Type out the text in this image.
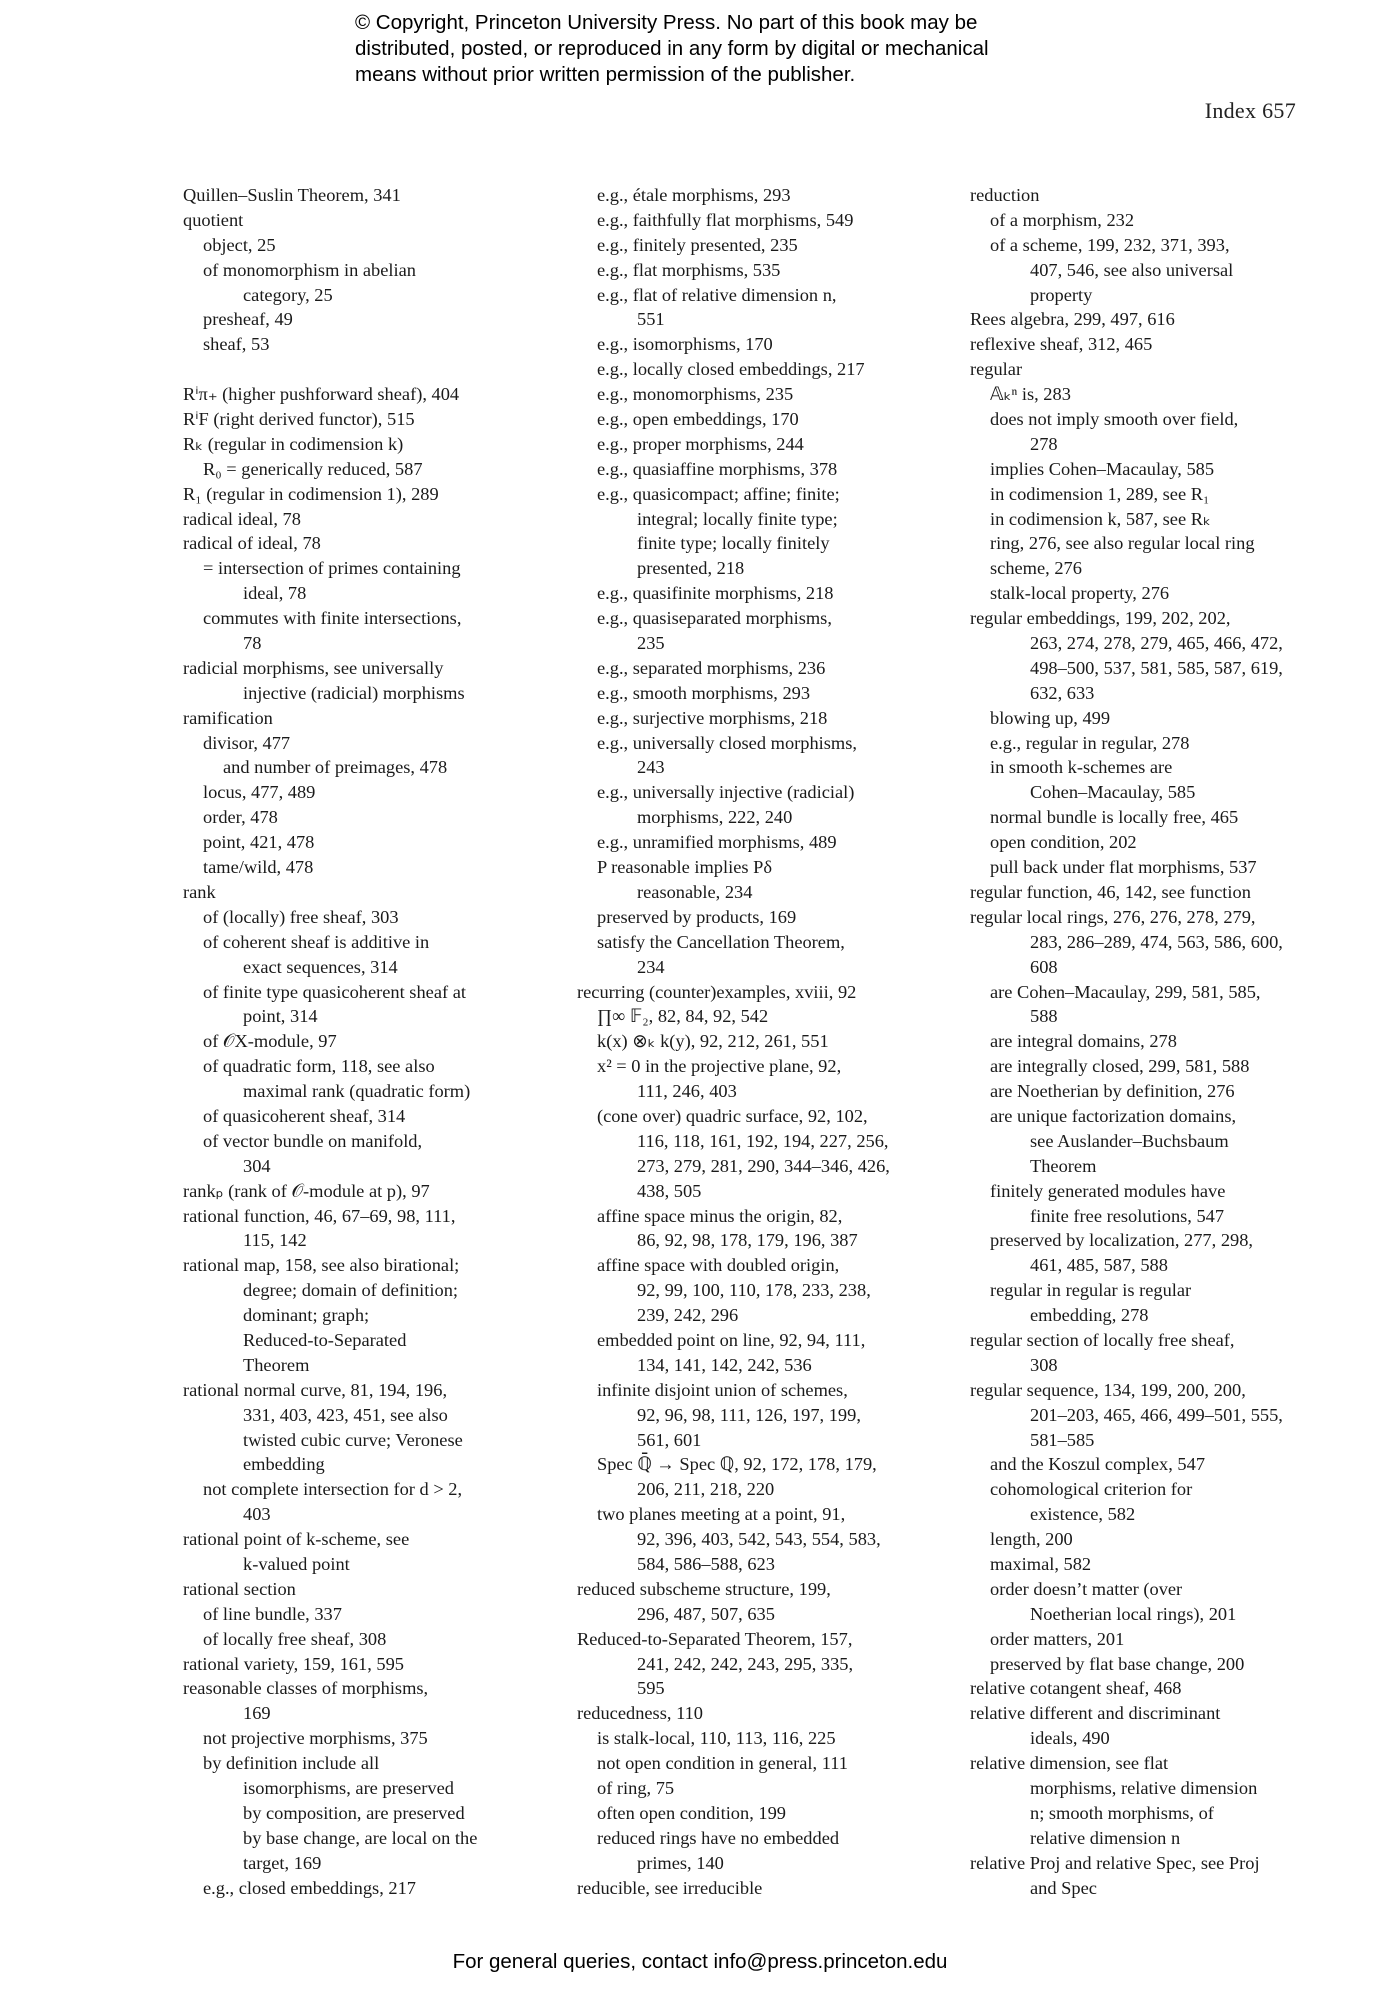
© Copyright, Princeton University Press. No part of this book may be
distributed, posted, or reproduced in any form by digital or mechanical
means without prior written permission of the publisher.
Index 657
Quillen–Suslin Theorem, 341
quotient
object, 25
of monomorphism in abelian
category, 25
presheaf, 49
sheaf, 53
Rⁱπ₊ (higher pushforward sheaf), 404
RⁱF (right derived functor), 515
Rₖ (regular in codimension k)
R₀ = generically reduced, 587
R₁ (regular in codimension 1), 289
radical ideal, 78
radical of ideal, 78
= intersection of primes containing
ideal, 78
commutes with finite intersections,
78
radicial morphisms, see universally
injective (radicial) morphisms
ramification
divisor, 477
and number of preimages, 478
locus, 477, 489
order, 478
point, 421, 478
tame/wild, 478
rank
of (locally) free sheaf, 303
of coherent sheaf is additive in
exact sequences, 314
of finite type quasicoherent sheaf at
point, 314
of 𝒪X-module, 97
of quadratic form, 118, see also
maximal rank (quadratic form)
of quasicoherent sheaf, 314
of vector bundle on manifold,
304
rankₚ (rank of 𝒪-module at p), 97
rational function, 46, 67–69, 98, 111,
115, 142
rational map, 158, see also birational;
degree; domain of definition;
dominant; graph;
Reduced-to-Separated
Theorem
rational normal curve, 81, 194, 196,
331, 403, 423, 451, see also
twisted cubic curve; Veronese
embedding
not complete intersection for d > 2,
403
rational point of k-scheme, see
k-valued point
rational section
of line bundle, 337
of locally free sheaf, 308
rational variety, 159, 161, 595
reasonable classes of morphisms,
169
not projective morphisms, 375
by definition include all
isomorphisms, are preserved
by composition, are preserved
by base change, are local on the
target, 169
e.g., closed embeddings, 217
e.g., étale morphisms, 293
e.g., faithfully flat morphisms, 549
e.g., finitely presented, 235
e.g., flat morphisms, 535
e.g., flat of relative dimension n,
551
e.g., isomorphisms, 170
e.g., locally closed embeddings, 217
e.g., monomorphisms, 235
e.g., open embeddings, 170
e.g., proper morphisms, 244
e.g., quasiaffine morphisms, 378
e.g., quasicompact; affine; finite;
integral; locally finite type;
finite type; locally finitely
presented, 218
e.g., quasifinite morphisms, 218
e.g., quasiseparated morphisms,
235
e.g., separated morphisms, 236
e.g., smooth morphisms, 293
e.g., surjective morphisms, 218
e.g., universally closed morphisms,
243
e.g., universally injective (radicial)
morphisms, 222, 240
e.g., unramified morphisms, 489
P reasonable implies Pδ
reasonable, 234
preserved by products, 169
satisfy the Cancellation Theorem,
234
recurring (counter)examples, xviii, 92
∏∞ 𝔽₂, 82, 84, 92, 542
k(x) ⊗ₖ k(y), 92, 212, 261, 551
x² = 0 in the projective plane, 92,
111, 246, 403
(cone over) quadric surface, 92, 102,
116, 118, 161, 192, 194, 227, 256,
273, 279, 281, 290, 344–346, 426,
438, 505
affine space minus the origin, 82,
86, 92, 98, 178, 179, 196, 387
affine space with doubled origin,
92, 99, 100, 110, 178, 233, 238,
239, 242, 296
embedded point on line, 92, 94, 111,
134, 141, 142, 242, 536
infinite disjoint union of schemes,
92, 96, 98, 111, 126, 197, 199,
561, 601
Spec ℚ̄ → Spec ℚ, 92, 172, 178, 179,
206, 211, 218, 220
two planes meeting at a point, 91,
92, 396, 403, 542, 543, 554, 583,
584, 586–588, 623
reduced subscheme structure, 199,
296, 487, 507, 635
Reduced-to-Separated Theorem, 157,
241, 242, 242, 243, 295, 335,
595
reducedness, 110
is stalk-local, 110, 113, 116, 225
not open condition in general, 111
of ring, 75
often open condition, 199
reduced rings have no embedded
primes, 140
reducible, see irreducible
reduction
of a morphism, 232
of a scheme, 199, 232, 371, 393,
407, 546, see also universal
property
Rees algebra, 299, 497, 616
reflexive sheaf, 312, 465
regular
𝔸ₖⁿ is, 283
does not imply smooth over field,
278
implies Cohen–Macaulay, 585
in codimension 1, 289, see R₁
in codimension k, 587, see Rₖ
ring, 276, see also regular local ring
scheme, 276
stalk-local property, 276
regular embeddings, 199, 202, 202,
263, 274, 278, 279, 465, 466, 472,
498–500, 537, 581, 585, 587, 619,
632, 633
blowing up, 499
e.g., regular in regular, 278
in smooth k-schemes are
Cohen–Macaulay, 585
normal bundle is locally free, 465
open condition, 202
pull back under flat morphisms, 537
regular function, 46, 142, see function
regular local rings, 276, 276, 278, 279,
283, 286–289, 474, 563, 586, 600,
608
are Cohen–Macaulay, 299, 581, 585,
588
are integral domains, 278
are integrally closed, 299, 581, 588
are Noetherian by definition, 276
are unique factorization domains,
see Auslander–Buchsbaum
Theorem
finitely generated modules have
finite free resolutions, 547
preserved by localization, 277, 298,
461, 485, 587, 588
regular in regular is regular
embedding, 278
regular section of locally free sheaf,
308
regular sequence, 134, 199, 200, 200,
201–203, 465, 466, 499–501, 555,
581–585
and the Koszul complex, 547
cohomological criterion for
existence, 582
length, 200
maximal, 582
order doesn’t matter (over
Noetherian local rings), 201
order matters, 201
preserved by flat base change, 200
relative cotangent sheaf, 468
relative different and discriminant
ideals, 490
relative dimension, see flat
morphisms, relative dimension
n; smooth morphisms, of
relative dimension n
relative Proj and relative Spec, see Proj
and Spec
For general queries, contact info@press.princeton.edu
